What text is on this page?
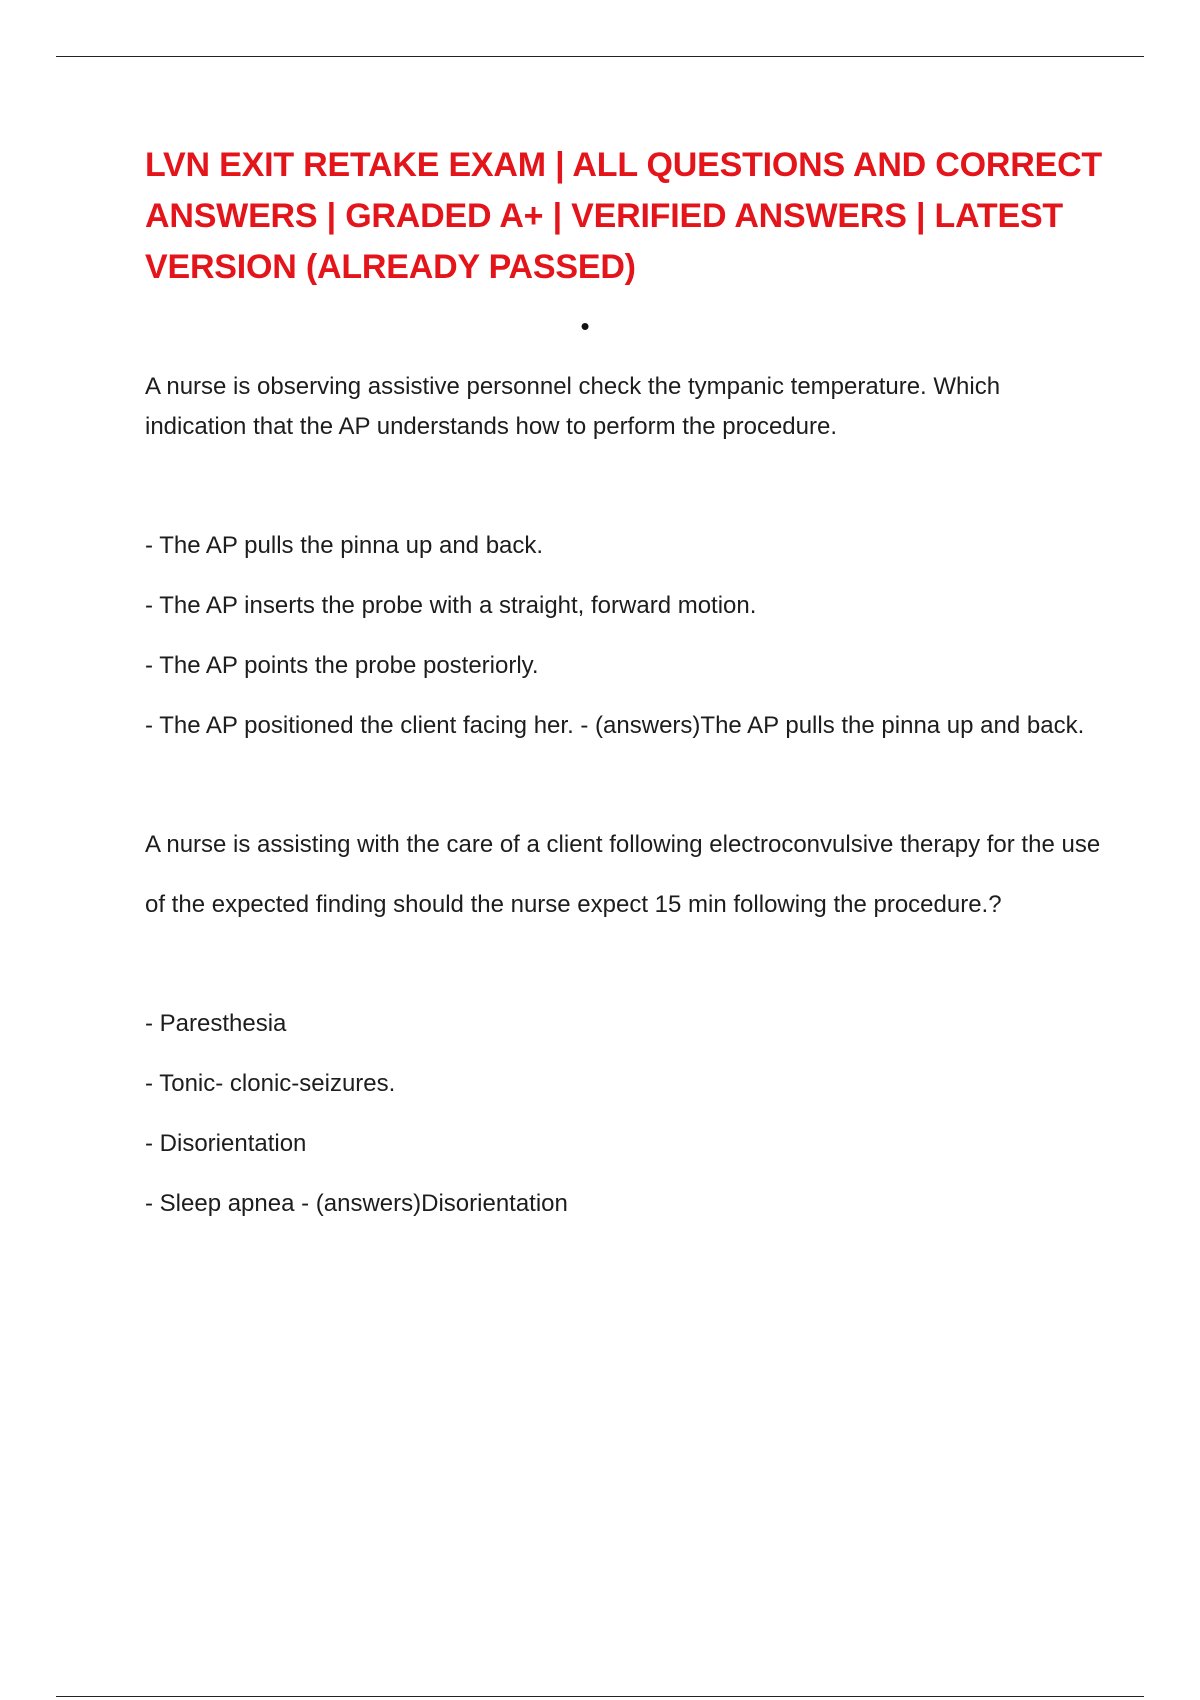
LVN EXIT RETAKE EXAM | ALL QUESTIONS AND CORRECT ANSWERS | GRADED A+ | VERIFIED ANSWERS | LATEST VERSION (ALREADY PASSED)
•

A nurse is observing assistive personnel check the tympanic temperature. Which indication that the AP understands how to perform the procedure.

- The AP pulls the pinna up and back.

- The AP inserts the probe with a straight, forward motion.

- The AP points the probe posteriorly.

- The AP positioned the client facing her. - (answers)The AP pulls the pinna up and back.

A nurse is assisting with the care of a client following electroconvulsive therapy for the use

of the expected finding should the nurse expect 15 min following the procedure.?

- Paresthesia

- Tonic- clonic-seizures.

- Disorientation

- Sleep apnea - (answers)Disorientation
